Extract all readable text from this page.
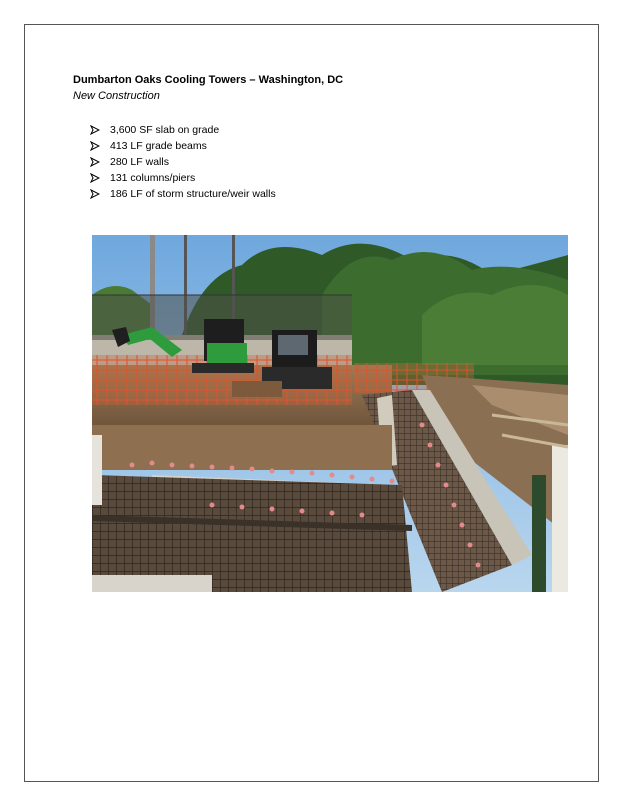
Dumbarton Oaks Cooling Towers – Washington, DC
New Construction
3,600 SF slab on grade
413 LF grade beams
280 LF walls
131 columns/piers
186 LF of storm structure/weir walls
